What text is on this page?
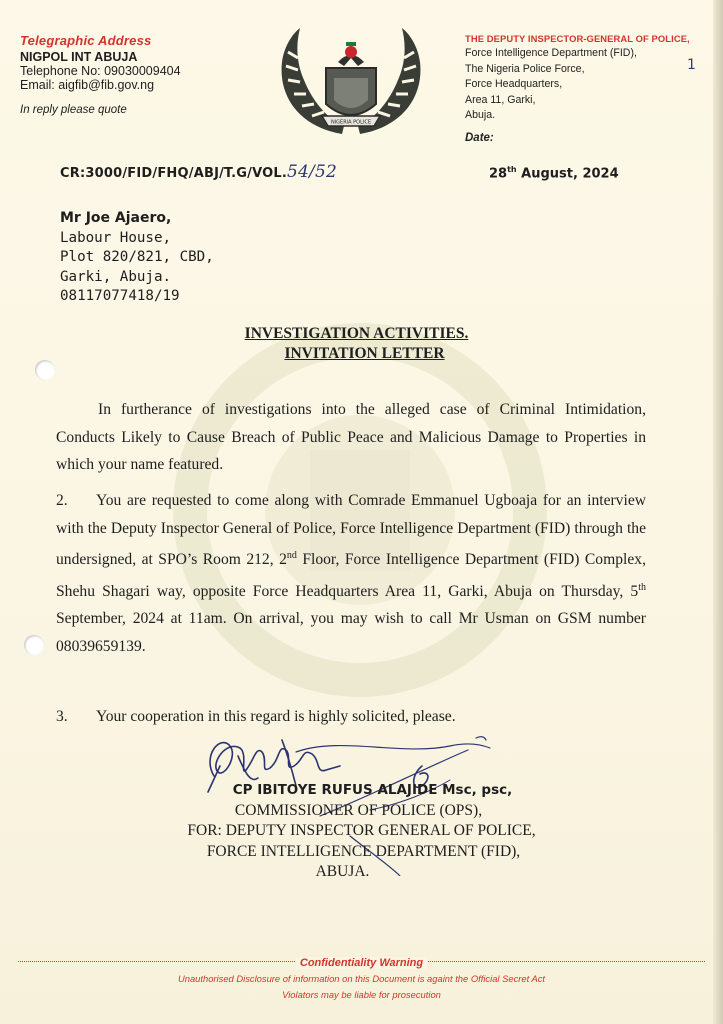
Telegraphic Address
NIGPOL INT ABUJA
Telephone No: 09030009404
Email: aigfib@fib.gov.ng
In reply please quote
NIGERIA POLICE
THE DEPUTY INSPECTOR-GENERAL OF POLICE,
Force Intelligence Department (FID),
The Nigeria Police Force,
Force Headquarters,
Area 11, Garki,
Abuja.
Date:
1
CR:3000/FID/FHQ/ABJ/T.G/VOL.54/52	28th August, 2024
Mr Joe Ajaero,
Labour House,
Plot 820/821, CBD,
Garki, Abuja.
08117077418/19
INVESTIGATION ACTIVITIES.
INVITATION LETTER
In furtherance of investigations into the alleged case of Criminal Intimidation, Conducts Likely to Cause Breach of Public Peace and Malicious Damage to Properties in which your name featured.
2. You are requested to come along with Comrade Emmanuel Ugboaja for an interview with the Deputy Inspector General of Police, Force Intelligence Department (FID) through the undersigned, at SPO’s Room 212, 2nd Floor, Force Intelligence Department (FID) Complex, Shehu Shagari way, opposite Force Headquarters Area 11, Garki, Abuja on Thursday, 5th September, 2024 at 11am. On arrival, you may wish to call Mr Usman on GSM number 08039659139.
3. Your cooperation in this regard is highly solicited, please.
CP IBITOYE RUFUS ALAJIDE Msc, psc,
COMMISSIONER OF POLICE (OPS),
FOR: DEPUTY INSPECTOR GENERAL OF POLICE,
FORCE INTELLIGENCE DEPARTMENT (FID),
ABUJA.
Confidentiality Warning
Unauthorised Disclosure of information on this Document is againt the Official Secret Act
Violators may be liable for prosecution
